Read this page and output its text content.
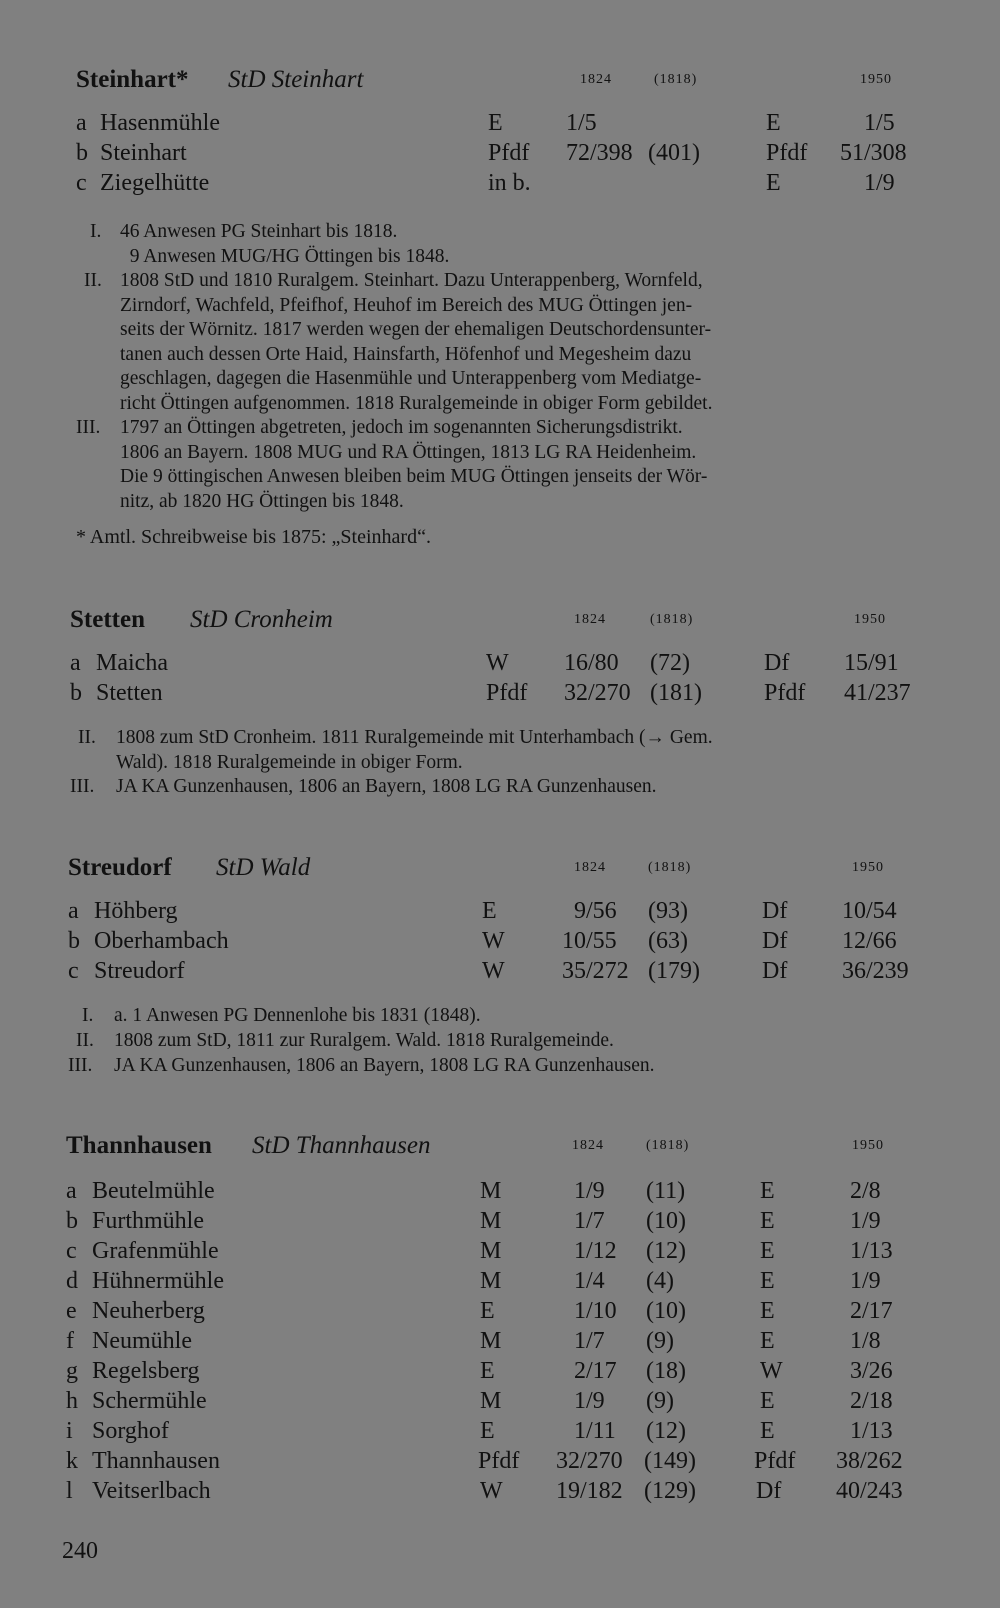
Steinhart* StD Steinhart	1824	(1818)	1950
a Hasenmühle	E	1/5	E	1/5
b Steinhart	Pfdf 72/398 (401)	Pfdf 51/308
c Ziegelhütte	in b.	E	1/9
I. 46 Anwesen PG Steinhart bis 1818.
9 Anwesen MUG/HG Öttingen bis 1848.
II. 1808 StD und 1810 Ruralgem. Steinhart. Dazu Unterappenberg, Wornfeld,
Zirndorf, Wachfeld, Pfeifhof, Heuhof im Bereich des MUG Öttingen jen-
seits der Wörnitz. 1817 werden wegen der ehemaligen Deutschordensunter-
tanen auch dessen Orte Haid, Hainsfarth, Höfenhof und Megesheim dazu
geschlagen, dagegen die Hasenmühle und Unterappenberg vom Mediatge-
richt Öttingen aufgenommen. 1818 Ruralgemeinde in obiger Form gebildet.
III. 1797 an Öttingen abgetreten, jedoch im sogenannten Sicherungsdistrikt.
1806 an Bayern. 1808 MUG und RA Öttingen, 1813 LG RA Heidenheim.
Die 9 öttingischen Anwesen bleiben beim MUG Öttingen jenseits der Wör-
nitz, ab 1820 HG Öttingen bis 1848.
* Amtl. Schreibweise bis 1875: „Steinhard“.
Stetten StD Cronheim	1824	(1818)	1950
a Maicha	W 16/80 (72)	Df 15/91
b Stetten	Pfdf 32/270 (181)	Pfdf 41/237
II. 1808 zum StD Cronheim. 1811 Ruralgemeinde mit Unterhambach (→ Gem.
Wald). 1818 Ruralgemeinde in obiger Form.
III. JA KA Gunzenhausen, 1806 an Bayern, 1808 LG RA Gunzenhausen.
Streudorf StD Wald	1824	(1818)	1950
a Höhberg	E	9/56 (93)	Df 10/54
b Oberhambach	W 10/55 (63)	Df 12/66
c Streudorf	W 35/272 (179)	Df 36/239
I. a. 1 Anwesen PG Dennenlohe bis 1831 (1848).
II. 1808 zum StD, 1811 zur Ruralgem. Wald. 1818 Ruralgemeinde.
III. JA KA Gunzenhausen, 1806 an Bayern, 1808 LG RA Gunzenhausen.
Thannhausen StD Thannhausen	1824	(1818)	1950
a Beutelmühle	M	1/9 (11)	E	2/8
b Furthmühle	M	1/7 (10)	E	1/9
c Grafenmühle	M	1/12 (12)	E	1/13
d Hühnermühle	M	1/4 (4)	E	1/9
e Neuherberg	E	1/10 (10)	E	2/17
f Neumühle	M	1/7 (9)	E	1/8
g Regelsberg	E	2/17 (18)	W	3/26
h Schermühle	M	1/9 (9)	E	2/18
i Sorghof	E	1/11 (12)	E	1/13
k Thannhausen	Pfdf 32/270 (149) Pfdf 38/262
l Veitserlbach	W 19/182 (129)	Df 40/243
240
